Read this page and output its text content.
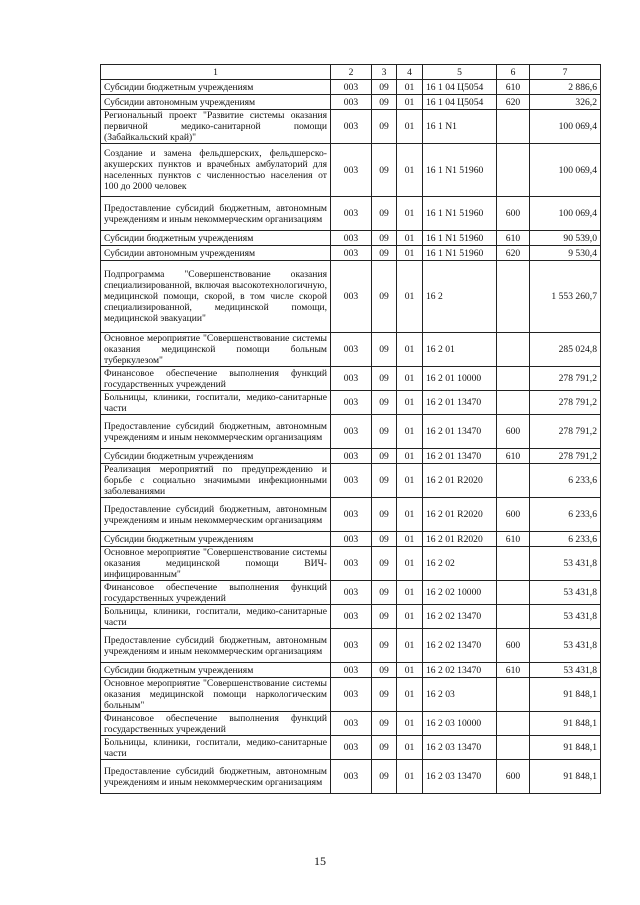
1	2	3	4	5	6	7
Субсидии бюджетным учреждениям	003	09	01	16 1 04 Ц5054	610	2 886,6
Субсидии автономным учреждениям	003	09	01	16 1 04 Ц5054	620	326,2
Региональный проект "Развитие системы оказания первичной медико-санитарной помощи (Забайкальский край)"	003	09	01	16 1 N1		100 069,4
Создание и замена фельдшерских, фельдшерско-акушерских пунктов и врачебных амбулаторий для населенных пунктов с численностью населения от 100 до 2000 человек	003	09	01	16 1 N1 51960		100 069,4
Предоставление субсидий бюджетным, автономным учреждениям и иным некоммерческим организациям	003	09	01	16 1 N1 51960	600	100 069,4
Субсидии бюджетным учреждениям	003	09	01	16 1 N1 51960	610	90 539,0
Субсидии автономным учреждениям	003	09	01	16 1 N1 51960	620	9 530,4
Подпрограмма "Совершенствование оказания специализированной, включая высокотехнологичную, медицинской помощи, скорой, в том числе скорой специализированной, медицинской помощи, медицинской эвакуации"	003	09	01	16 2		1 553 260,7
Основное мероприятие "Совершенствование системы оказания медицинской помощи больным туберкулезом"	003	09	01	16 2 01		285 024,8
Финансовое обеспечение выполнения функций государственных учреждений	003	09	01	16 2 01 10000		278 791,2
Больницы, клиники, госпитали, медико-санитарные части	003	09	01	16 2 01 13470		278 791,2
Предоставление субсидий бюджетным, автономным учреждениям и иным некоммерческим организациям	003	09	01	16 2 01 13470	600	278 791,2
Субсидии бюджетным учреждениям	003	09	01	16 2 01 13470	610	278 791,2
Реализация мероприятий по предупреждению и борьбе с социально значимыми инфекционными заболеваниями	003	09	01	16 2 01 R2020		6 233,6
Предоставление субсидий бюджетным, автономным учреждениям и иным некоммерческим организациям	003	09	01	16 2 01 R2020	600	6 233,6
Субсидии бюджетным учреждениям	003	09	01	16 2 01 R2020	610	6 233,6
Основное мероприятие "Совершенствование системы оказания медицинской помощи ВИЧ-инфицированным"	003	09	01	16 2 02		53 431,8
Финансовое обеспечение выполнения функций государственных учреждений	003	09	01	16 2 02 10000		53 431,8
Больницы, клиники, госпитали, медико-санитарные части	003	09	01	16 2 02 13470		53 431,8
Предоставление субсидий бюджетным, автономным учреждениям и иным некоммерческим организациям	003	09	01	16 2 02 13470	600	53 431,8
Субсидии бюджетным учреждениям	003	09	01	16 2 02 13470	610	53 431,8
Основное мероприятие "Совершенствование системы оказания медицинской помощи наркологическим больным"	003	09	01	16 2 03		91 848,1
Финансовое обеспечение выполнения функций государственных учреждений	003	09	01	16 2 03 10000		91 848,1
Больницы, клиники, госпитали, медико-санитарные части	003	09	01	16 2 03 13470		91 848,1
Предоставление субсидий бюджетным, автономным учреждениям и иным некоммерческим организациям	003	09	01	16 2 03 13470	600	91 848,1
15
